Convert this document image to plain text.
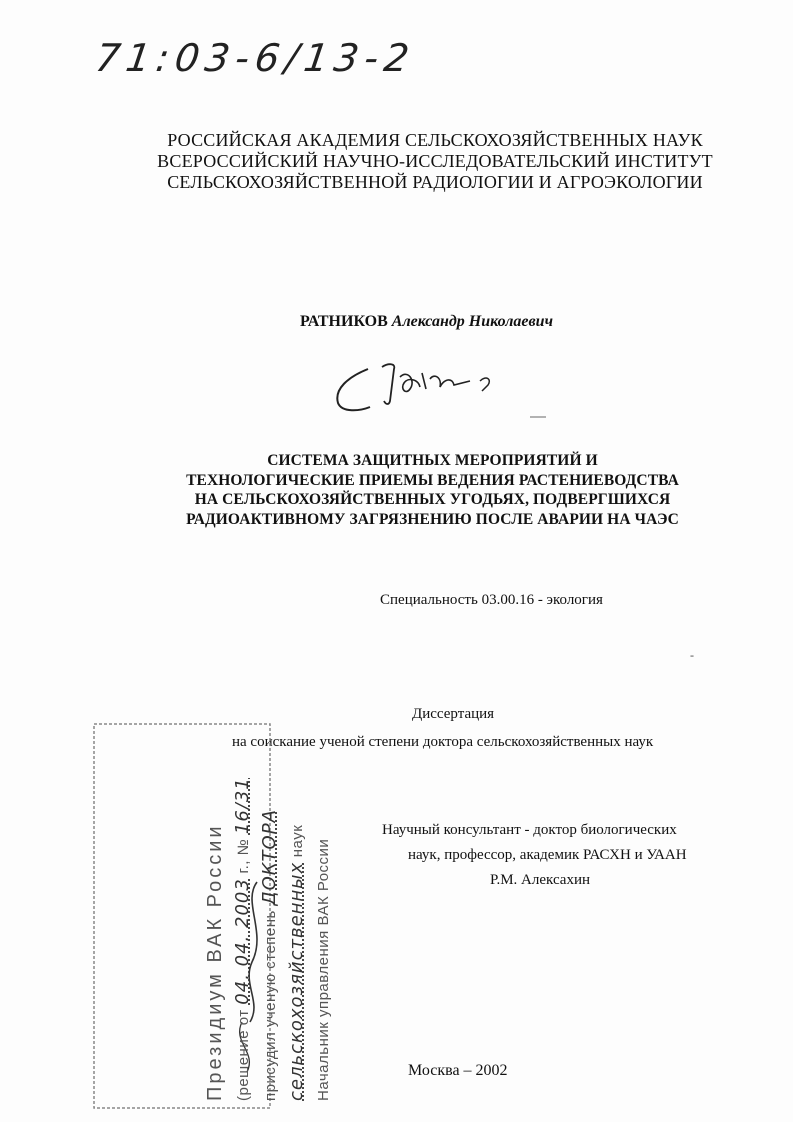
71:03-6/13-2
РОССИЙСКАЯ АКАДЕМИЯ СЕЛЬСКОХОЗЯЙСТВЕННЫХ НАУК
ВСЕРОССИЙСКИЙ НАУЧНО-ИССЛЕДОВАТЕЛЬСКИЙ ИНСТИТУТ
СЕЛЬСКОХОЗЯЙСТВЕННОЙ РАДИОЛОГИИ И АГРОЭКОЛОГИИ
РАТНИКОВ Александр Николаевич
СИСТЕМА ЗАЩИТНЫХ МЕРОПРИЯТИЙ И
ТЕХНОЛОГИЧЕСКИЕ ПРИЕМЫ ВЕДЕНИЯ РАСТЕНИЕВОДСТВА
НА СЕЛЬСКОХОЗЯЙСТВЕННЫХ УГОДЬЯХ, ПОДВЕРГШИХСЯ
РАДИОАКТИВНОМУ ЗАГРЯЗНЕНИЮ ПОСЛЕ АВАРИИ НА ЧАЭС
Специальность 03.00.16 - экология
‐
Диссертация
на соискание ученой степени доктора сельскохозяйственных наук
Научный консультант - доктор биологических
наук, профессор, академик РАСХН и УААН
Р.М. Алексахин
Москва – 2002
Президиум ВАК России (решение от 04. 04. 2003 г., № 16/31
присудил ученую степень ДОКТОРА
сельскохозяйственных наук Начальник управления ВАК России
